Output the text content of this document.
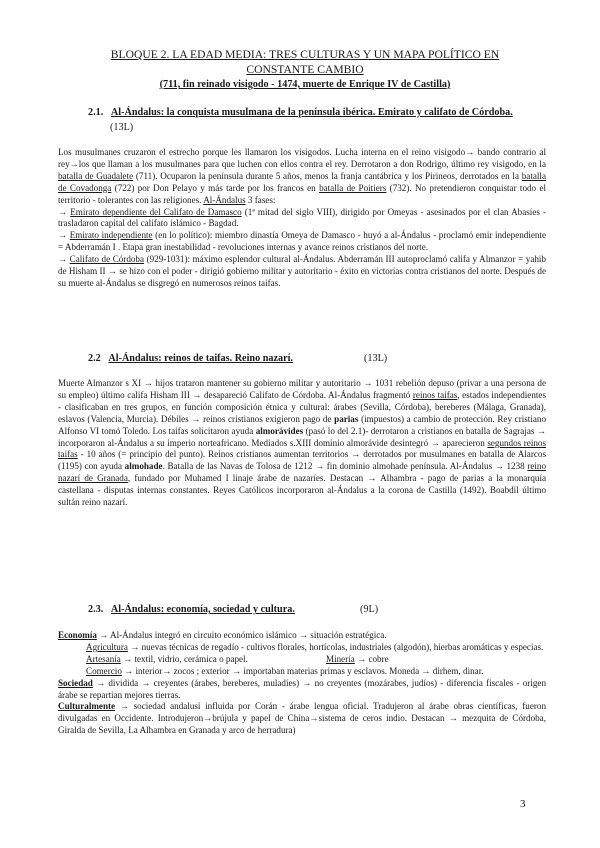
BLOQUE 2. LA EDAD MEDIA: TRES CULTURAS Y UN MAPA POLÍTICO EN
CONSTANTE CAMBIO
(711, fin reinado visigodo - 1474, muerte de Enrique IV de Castilla)
2.1. Al-Ándalus: la conquista musulmana de la península ibérica. Emirato y califato de Córdoba.
(13L)

Los musulmanes cruzaron el estrecho porque les llamaron los visigodos. Lucha interna en el reino visigodo→ bando contrario al rey→los que llaman a los musulmanes para que luchen con ellos contra el rey. Derrotaron a don Rodrigo, último rey visigodo, en la batalla de Guadalete (711). Ocuparon la península durante 5 años, menos la franja cantábrica y los Pirineos, derrotados en la batalla de Covadonga (722) por Don Pelayo y más tarde por los francos en batalla de Poitiers (732). No pretendieron conquistar todo el territorio - tolerantes con las religiones. Al-Ándalus 3 fases:

→ Emirato dependiente del Califato de Damasco (1ª mitad del siglo VIII), dirigido por Omeyas - asesinados por el clan Abasíes - trasladaron capital del califato islámico - Bagdad.

→ Emirato independiente (en lo político): miembro dinastía Omeya de Damasco - huyó a al-Ándalus - proclamó emir independiente = Abderramán I . Etapa gran inestabilidad - revoluciones internas y avance reinos cristianos del norte.

→ Califato de Córdoba (929-1031): máximo esplendor cultural al-Ándalus. Abderramán III autoproclamó califa y Almanzor = yahib de Hisham II → se hizo con el poder - dirigió gobierno militar y autoritario - éxito en victorias contra cristianos del norte. Después de su muerte al-Ándalus se disgregó en numerosos reinos taifas.

2.2 Al-Ándalus: reinos de taifas. Reino nazarí.	(13L)

Muerte Almanzor s XI → hijos trataron mantener su gobierno militar y autoritario → 1031 rebelión depuso (privar a una persona de su empleo) último califa Hisham III → desapareció Califato de Córdoba. Al-Ándalus fragmentó reinos taifas, estados independientes - clasificaban en tres grupos, en función composición étnica y cultural: árabes (Sevilla, Córdoba), bereberes (Málaga, Granada), eslavos (Valencia, Murcia). Débiles → reinos cristianos exigieron pago de parias (impuestos) a cambio de protección. Rey cristiano Alfonso VI tomó Toledo. Los taifas solicitaron ayuda almorávides (pasó lo del 2.1)- derrotaron a cristianos en batalla de Sagrajas → incorporaron al-Ándalus a su imperio norteafricano. Mediados s.XIII dominio almorávide desintegró → aparecieron segundos reinos taifas - 10 años (= principio del punto). Reinos cristianos aumentan territorios → derrotados por musulmanes en batalla de Alarcos (1195) con ayuda almohade. Batalla de las Navas de Tolosa de 1212 → fin dominio almohade península. Al-Ándalus → 1238 reino nazarí de Granada, fundado por Muhamed I linaje árabe de nazaríes. Destacan → Alhambra - pago de parias a la monarquía castellana - disputas internas constantes. Reyes Católicos incorporaron al-Ándalus a la corona de Castilla (1492). Boabdil último sultán reino nazarí.

2.3. Al-Ándalus: economía, sociedad y cultura.	(9L)

Economía → Al-Ándalus integró en circuito económico islámico → situación estratégica.

Agricultura → nuevas técnicas de regadío - cultivos florales, hortícolas, industriales (algodón), hierbas aromáticas y especias.

Artesanía → textil, vidrio, cerámica o papel.	Minería → cobre

Comercio → interior→ zocos ; exterior → importaban materias primas y esclavos. Moneda → dirhem, dinar.

Sociedad → dividida → creyentes (árabes, bereberes, muladíes) → no creyentes (mozárabes, judíos) - diferencia fiscales - origen árabe se repartían mejores tierras.

Culturalmente → sociedad andalusí influida por Corán - árabe lengua oficial. Tradujeron al árabe obras científicas, fueron divulgadas en Occidente. Introdujeron→brújula y papel de China→sistema de ceros indio. Destacan → mezquita de Córdoba, Giralda de Sevilla, La Alhambra en Granada y arco de herradura)

3
